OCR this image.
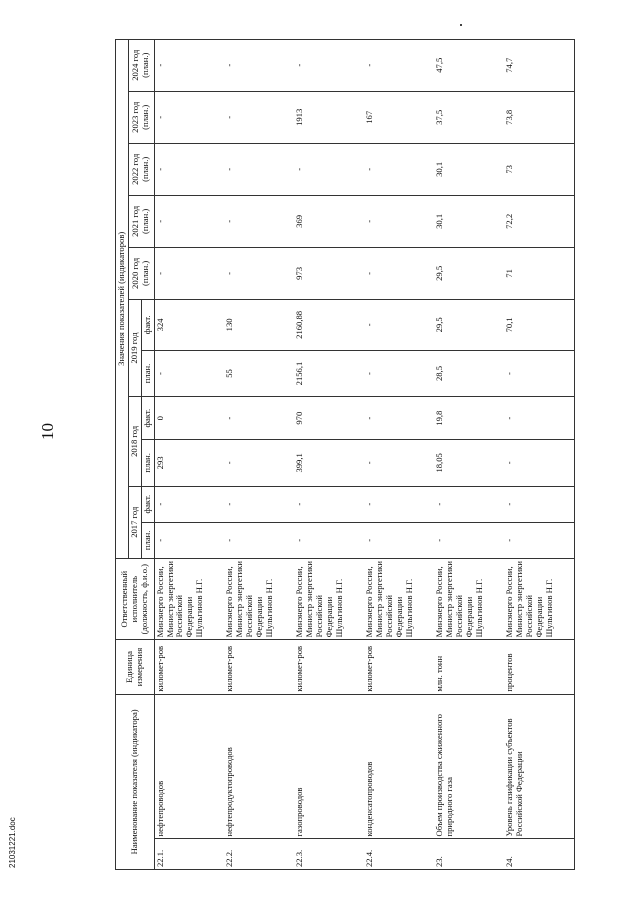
10
21031221.doc	Наименование показателя (индикатора)		Единица измерения	Ответственный исполнитель (должность, ф.и.о.)	Значения показателей (индикаторов)											
				2017 год		2018 год		2019 год		2020 год (план.)	2021 год (план.)	2022 год (план.)	2023 год (план.)	2024 год (план.)	
				план.	факт.	план.	факт.	план.	факт.						
22.1.	нефтепроводов	километ-ров	Минэнерго России, Министр энергетики Российской Федерации Шульгинов Н.Г.	-	-	293	0	-	324	-	-	-	-	-	
22.2.	нефтепродуктопроводов	километ-ров	Минэнерго России, Министр энергетики Российской Федерации Шульгинов Н.Г.	-	-	-	-	55	130	-	-	-	-	-	
22.3.	газопроводов	километ-ров	Минэнерго России, Министр энергетики Российской Федерации Шульгинов Н.Г.	-	-	399,1	970	2156,1	2160,88	973	369	-	1913	-	
22.4.	конденсатопроводов	километ-ров	Минэнерго России, Министр энергетики Российской Федерации Шульгинов Н.Г.	-	-	-	-	-	-	-	-	-	167	-	
23.	Объем производства сжиженного природного газа	млн. тонн	Минэнерго России, Министр энергетики Российской Федерации Шульгинов Н.Г.	-	-	18,05	19,8	28,5	29,5	29,5	30,1	30,1	37,5	47,5	
24.	Уровень газификации субъектов Российской Федерации	процентов	Минэнерго России, Министр энергетики Российской Федерации Шульгинов Н.Г.	-	-	-	-	-	70,1	71	72,2	73	73,8	74,7	
